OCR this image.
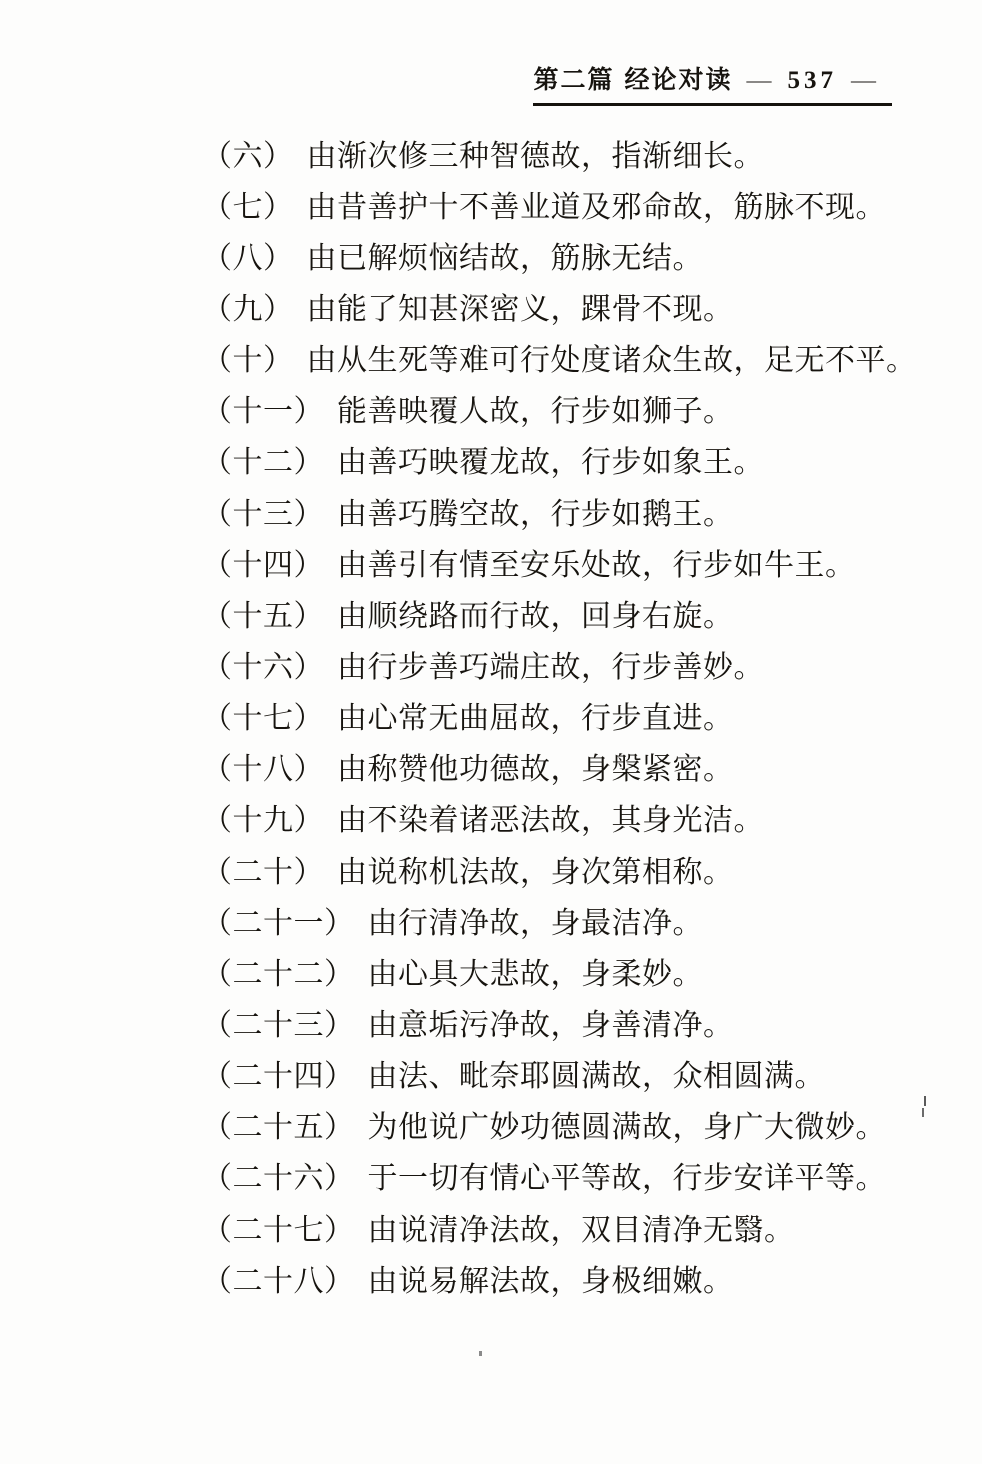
第二篇 经论对读 — 537 —
（六） 由渐次修三种智德故，指渐细长。
（七） 由昔善护十不善业道及邪命故，筋脉不现。
（八） 由已解烦恼结故，筋脉无结。
（九） 由能了知甚深密义，踝骨不现。
（十） 由从生死等难可行处度诸众生故，足无不平。
（十一） 能善映覆人故，行步如狮子。
（十二） 由善巧映覆龙故，行步如象王。
（十三） 由善巧腾空故，行步如鹅王。
（十四） 由善引有情至安乐处故，行步如牛王。
（十五） 由顺绕路而行故，回身右旋。
（十六） 由行步善巧端庄故，行步善妙。
（十七） 由心常无曲屈故，行步直进。
（十八） 由称赞他功德故，身槃紧密。
（十九） 由不染着诸恶法故，其身光洁。
（二十） 由说称机法故，身次第相称。
（二十一） 由行清净故，身最洁净。
（二十二） 由心具大悲故，身柔妙。
（二十三） 由意垢污净故，身善清净。
（二十四） 由法、毗奈耶圆满故，众相圆满。
（二十五） 为他说广妙功德圆满故，身广大微妙。
（二十六） 于一切有情心平等故，行步安详平等。
（二十七） 由说清净法故，双目清净无翳。
（二十八） 由说易解法故，身极细嫩。
